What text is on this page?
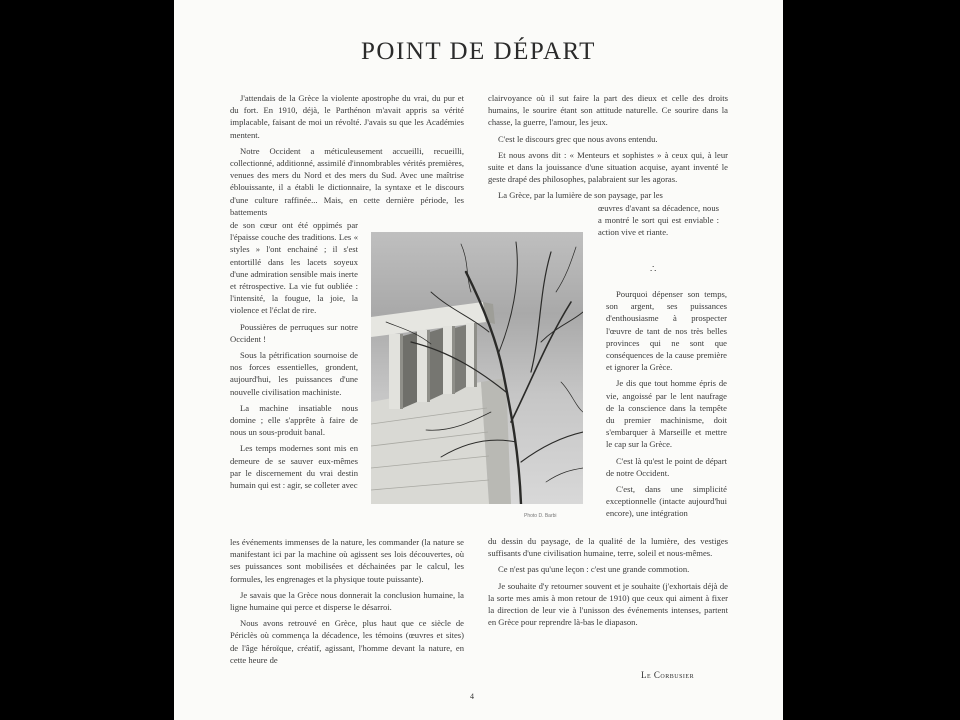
POINT DE DÉPART

J'attendais de la Grèce la violente apostrophe du vrai, du pur et du fort. En 1910, déjà, le Parthénon m'avait appris sa vérité implacable, faisant de moi un révolté. J'avais su que les Académies mentent.

Notre Occident a méticuleusement accueilli, recueilli, collectionné, additionné, assimilé d'innombrables vérités premières, venues des mers du Nord et des mers du Sud. Avec une maîtrise éblouissante, il a établi le dictionnaire, la syntaxe et le discours d'une culture raffinée... Mais, en cette dernière période, les battements

de son cœur ont été oppimés par l'épaisse couche des traditions. Les « styles » l'ont enchainé ; il s'est entortillé dans les lacets soyeux d'une admiration sensible mais inerte et rétrospective. La vie fut oubliée : l'intensité, la fougue, la joie, la violence et l'éclat de rire.

Poussières de perruques sur notre Occident !

Sous la pétrification sournoise de nos forces essentielles, grondent, aujourd'hui, les puissances d'une nouvelle civilisation machiniste.

La machine insatiable nous domine ; elle s'apprête à faire de nous un sous-produit banal.

Les temps modernes sont mis en demeure de se sauver eux-mêmes par le discernement du vrai destin humain qui est : agir, se colleter avec

les événements immenses de la nature, les commander (la nature se manifestant ici par la machine où agissent ses lois découvertes, où ses puissances sont mobilisées et déchainées par le calcul, les formules, les engrenages et la physique toute puissante).

Je savais que la Grèce nous donnerait la conclusion humaine, la ligne humaine qui perce et disperse le désarroi.

Nous avons retrouvé en Grèce, plus haut que ce siècle de Périclès où commença la décadence, les témoins (œuvres et sites) de l'âge héroïque, créatif, agissant, l'homme devant la nature, en cette heure de

clairvoyance où il sut faire la part des dieux et celle des droits humains, le sourire étant son attitude naturelle. Ce sourire dans la chasse, la guerre, l'amour, les jeux.

C'est le discours grec que nous avons entendu.

Et nous avons dit : « Menteurs et sophistes » à ceux qui, à leur suite et dans la jouissance d'une situation acquise, ayant inventé le geste drapé des philosophes, palabraient sur les agoras.

La Grèce, par la lumière de son paysage, par les

œuvres d'avant sa décadence, nous a montré le sort qui est enviable : action vive et riante.

∴

Pourquoi dépenser son temps, son argent, ses puissances d'enthousiasme à prospecter l'œuvre de tant de nos très belles provinces qui ne sont que conséquences de la cause première et ignorer la Grèce.

Je dis que tout homme épris de vie, angoissé par le lent naufrage de la conscience dans la tempête du premier machinisme, doit s'embarquer à Marseille et mettre le cap sur la Grèce.

C'est là qu'est le point de départ de notre Occident.

C'est, dans une simplicité exceptionnelle (intacte aujourd'hui encore), une intégration

du dessin du paysage, de la qualité de la lumière, des vestiges suffisants d'une civilisation humaine, terre, soleil et nous-mêmes.

Ce n'est pas qu'une leçon : c'est une grande commotion.

Je souhaite d'y retourner souvent et je souhaite (j'exhortais déjà de la sorte mes amis à mon retour de 1910) que ceux qui aiment à fixer la direction de leur vie à l'unisson des événements intenses, partent en Grèce pour reprendre là-bas le diapason.

Photo D. Barbi
Le Corbusier
4
